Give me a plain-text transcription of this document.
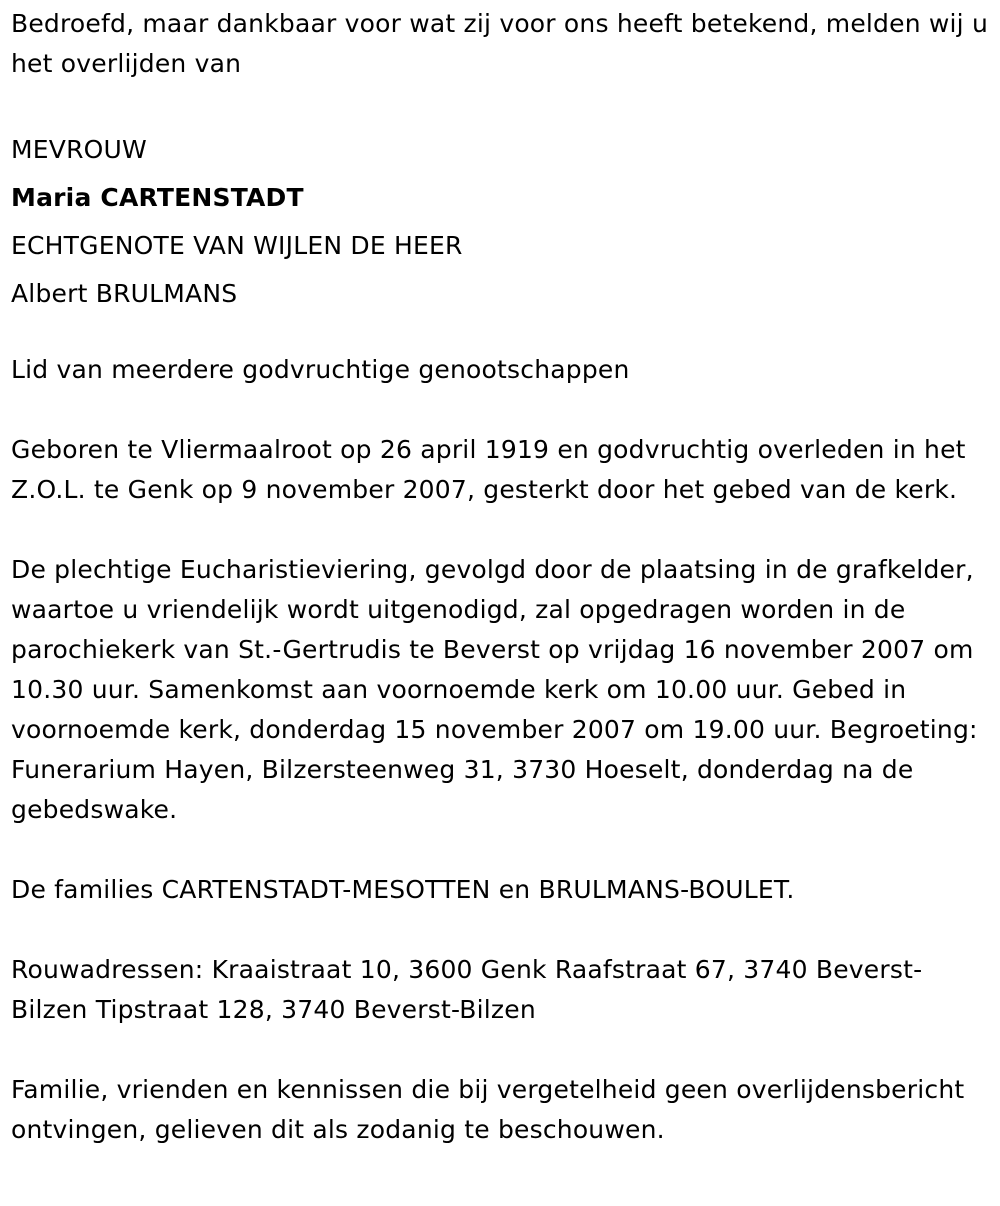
Bedroefd, maar dankbaar voor wat zij voor ons heeft betekend, melden wij u het overlijden van

MEVROUW
Maria CARTENSTADT
ECHTGENOTE VAN WIJLEN DE HEER
Albert BRULMANS

Lid van meerdere godvruchtige genootschappen

Geboren te Vliermaalroot op 26 april 1919 en godvruchtig overleden in het Z.O.L. te Genk op 9 november 2007, gesterkt door het gebed van de kerk.

De plechtige Eucharistieviering, gevolgd door de plaatsing in de grafkelder, waartoe u vriendelijk wordt uitgenodigd, zal opgedragen worden in de parochiekerk van St.-Gertrudis te Beverst op vrijdag 16 november 2007 om 10.30 uur. Samenkomst aan voornoemde kerk om 10.00 uur. Gebed in voornoemde kerk, donderdag 15 november 2007 om 19.00 uur. Begroeting: Funerarium Hayen, Bilzersteenweg 31, 3730 Hoeselt, donderdag na de gebedswake.

De families CARTENSTADT-MESOTTEN en BRULMANS-BOULET.

Rouwadressen: Kraaistraat 10, 3600 Genk Raafstraat 67, 3740 Beverst-Bilzen Tipstraat 128, 3740 Beverst-Bilzen

Familie, vrienden en kennissen die bij vergetelheid geen overlijdensbericht ontvingen, gelieven dit als zodanig te beschouwen.
